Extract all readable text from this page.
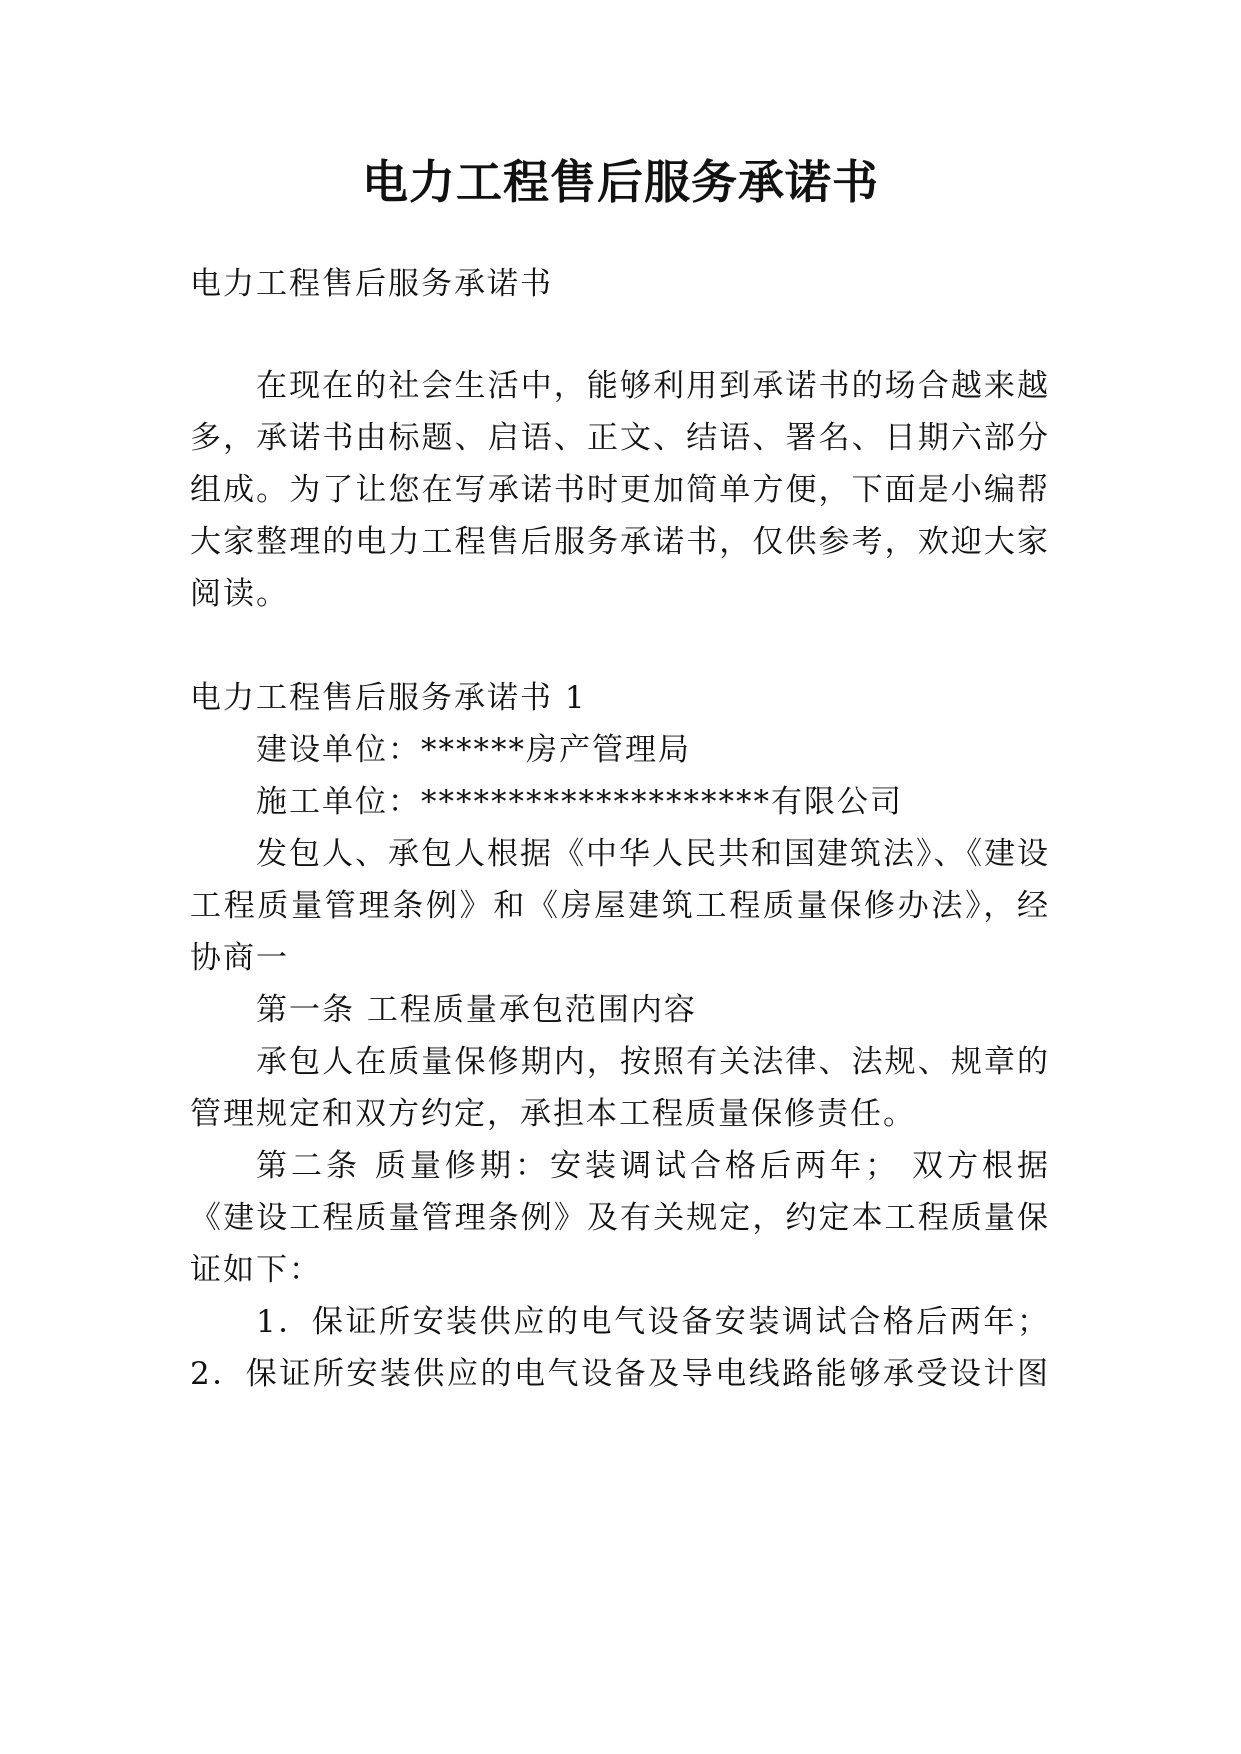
电力工程售后服务承诺书
电力工程售后服务承诺书
在现在的社会生活中，能够利用到承诺书的场合越来越
多，承诺书由标题、启语、正文、结语、署名、日期六部分
组成。为了让您在写承诺书时更加简单方便，下面是小编帮
大家整理的电力工程售后服务承诺书，仅供参考，欢迎大家
阅读。
电力工程售后服务承诺书 1
建设单位：******房产管理局
施工单位：********************有限公司
发包人、承包人根据《中华人民共和国建筑法》、《建设
工程质量管理条例》和《房屋建筑工程质量保修办法》，经
协商一
第一条 工程质量承包范围内容
承包人在质量保修期内，按照有关法律、法规、规章的
管理规定和双方约定，承担本工程质量保修责任。
第二条 质量修期：安装调试合格后两年； 双方根据
《建设工程质量管理条例》及有关规定，约定本工程质量保
证如下：
1．保证所安装供应的电气设备安装调试合格后两年；
2．保证所安装供应的电气设备及导电线路能够承受设计图
